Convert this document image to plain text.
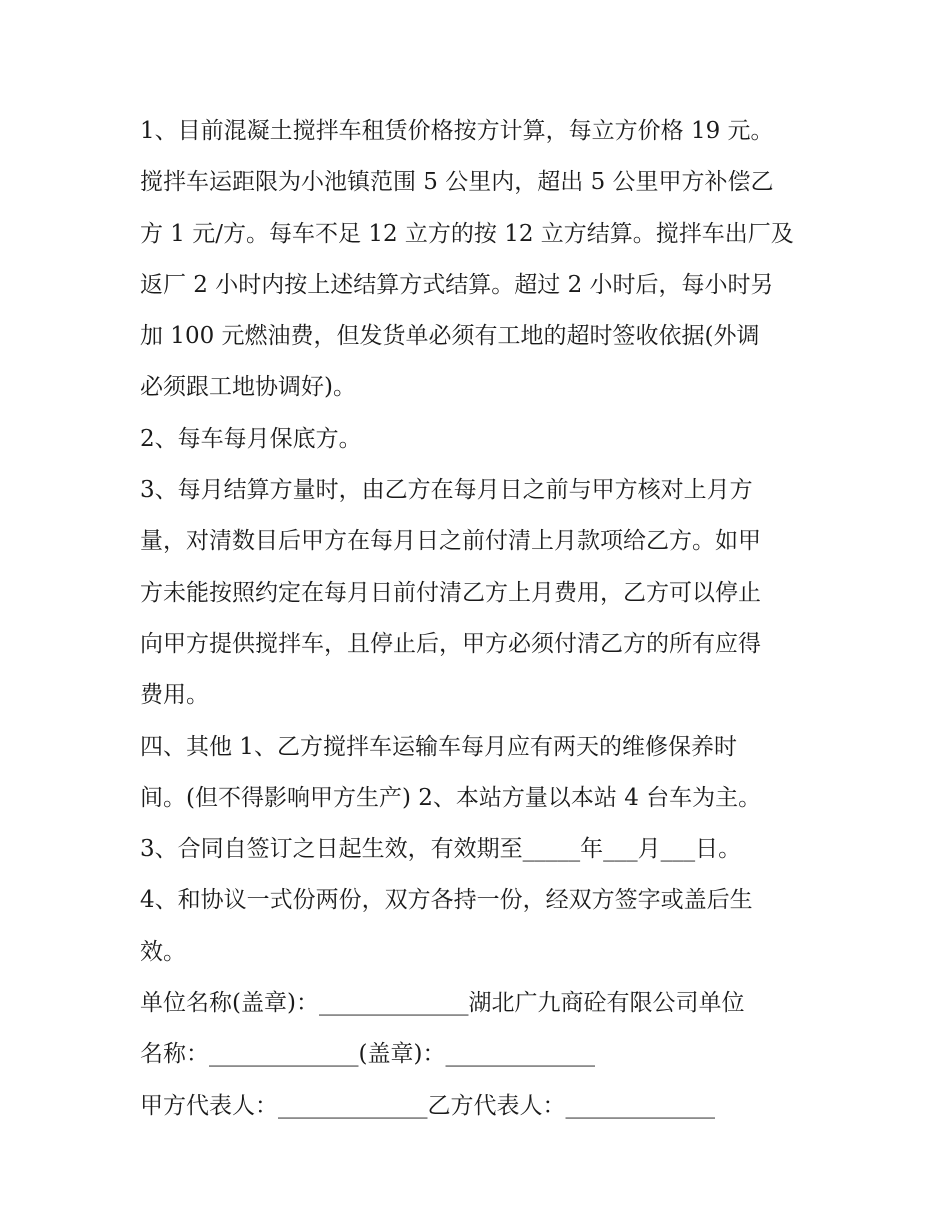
1、目前混凝土搅拌车租赁价格按方计算，每立方价格 19 元。
搅拌车运距限为小池镇范围 5 公里内，超出 5 公里甲方补偿乙
方 1 元/方。每车不足 12 立方的按 12 立方结算。搅拌车出厂及
返厂 2 小时内按上述结算方式结算。超过 2 小时后，每小时另
加 100 元燃油费，但发货单必须有工地的超时签收依据(外调
必须跟工地协调好)。
2、每车每月保底方。
3、每月结算方量时，由乙方在每月日之前与甲方核对上月方
量，对清数目后甲方在每月日之前付清上月款项给乙方。如甲
方未能按照约定在每月日前付清乙方上月费用，乙方可以停止
向甲方提供搅拌车，且停止后，甲方必须付清乙方的所有应得
费用。
四、其他 1、乙方搅拌车运输车每月应有两天的维修保养时
间。(但不得影响甲方生产) 2、本站方量以本站 4 台车为主。
3、合同自签订之日起生效，有效期至_____年___月___日。
4、和协议一式份两份，双方各持一份，经双方签字或盖后生
效。
单位名称(盖章)：_____________湖北广九商砼有限公司单位
名称：_____________(盖章)：_____________
甲方代表人：_____________乙方代表人：_____________
